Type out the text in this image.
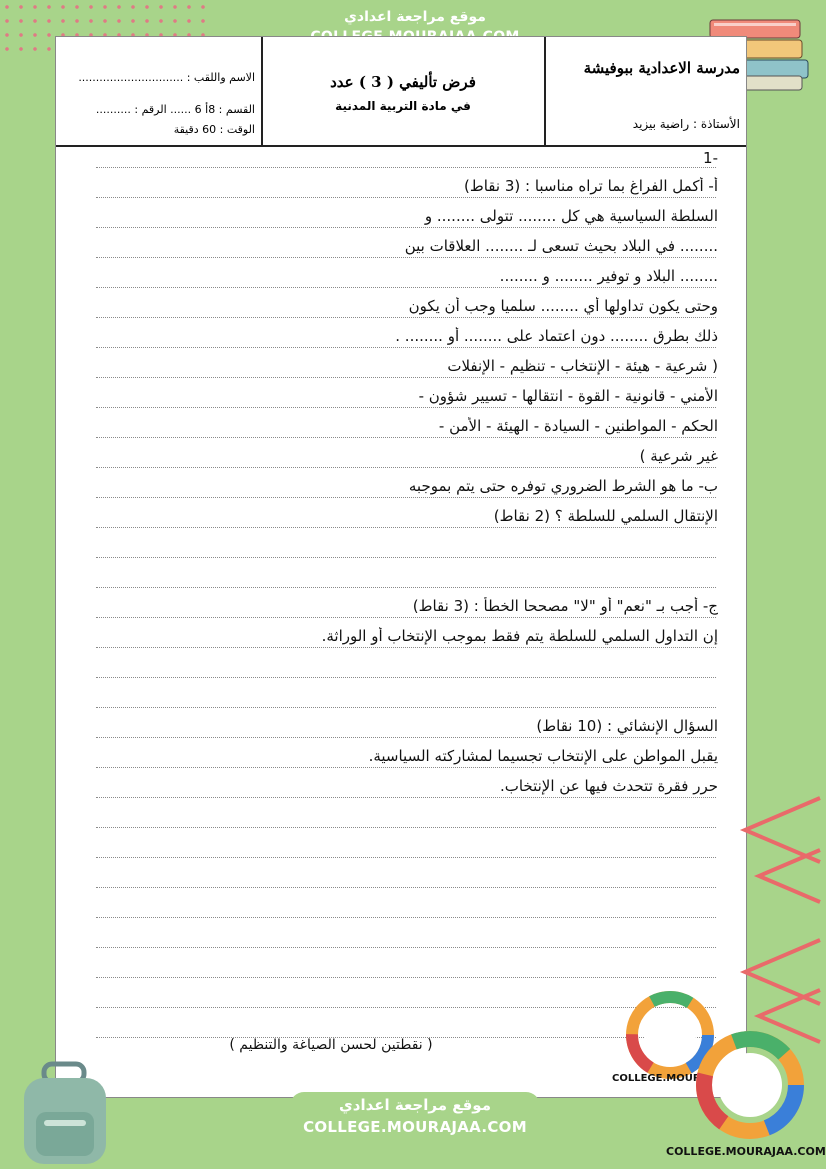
موقع مراجعة اعدادي
مدرسة الاعدادية ببوفيشة
الأستاذة : راضية بيزيد
فرض تأليفي ( 3 ) عدد
في مادة التربية المدنية
الاسم واللقب : ..............................
القسم : 8أ 6 ...... الرقم : ..........
الوقت : 60 دقيقة
-1
أ- أكمل الفراغ بما تراه مناسبا : (3 نقاط)
السلطة السياسية هي كل ........ تتولى ........ و
........ في البلاد بحيث تسعى لـ ........ العلاقات بين
........ البلاد و توفير ........ و ........
وحتى يكون تداولها أي ........ سلميا وجب أن يكون
ذلك بطرق ........ دون اعتماد على ........ أو ........ .
( شرعية - هيئة - الإنتخاب - تنظيم - الإنفلات
الأمني - قانونية - القوة - انتقالها - تسيير شؤون -
الحكم - المواطنين - السيادة - الهيئة - الأمن -
غير شرعية )
ب- ما هو الشرط الضروري توفره حتى يتم بموجبه
الإنتقال السلمي للسلطة ؟ (2 نقاط)
ج- أجب بـ "نعم" أو "لا" مصححا الخطأ : (3 نقاط)
إن التداول السلمي للسلطة يتم فقط بموجب الإنتخاب أو الوراثة.
السؤال الإنشائي : (10 نقاط)
يقبل المواطن على الإنتخاب تجسيما لمشاركته السياسية.
حرر فقرة تتحدث فيها عن الإنتخاب.
( نقطتين لحسن الصياغة والتنظيم )
COLLEGE.MOURAJ
COLLEGE.MOURAJAA.COM
موقع مراجعة اعدادي
COLLEGE.MOURAJAA.COM
